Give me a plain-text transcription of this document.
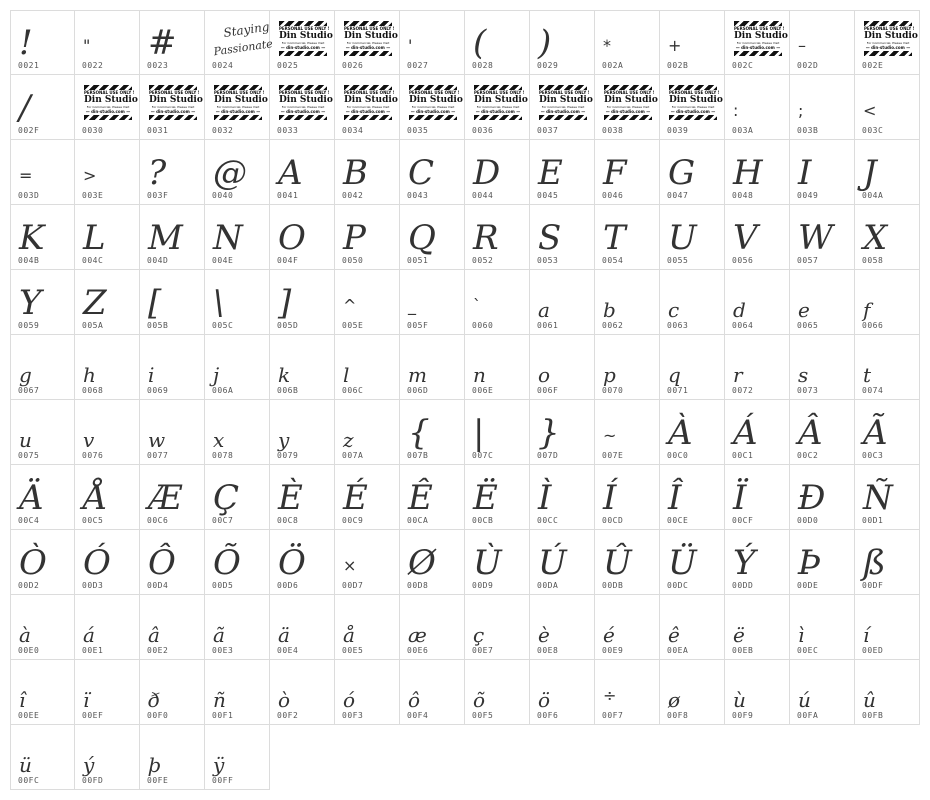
!
0021
"
0022
#
0023
Staying
Passionate
0024
PERSONAL USE ONLY !
Din Studio
For Commercial, Please Visit
— din-studio.com —
0025
PERSONAL USE ONLY !
Din Studio
For Commercial, Please Visit
— din-studio.com —
0026
'
0027
(
0028
)
0029
*
002A
+
002B
PERSONAL USE ONLY !
Din Studio
For Commercial, Please Visit
— din-studio.com —
002C
–
002D
PERSONAL USE ONLY !
Din Studio
For Commercial, Please Visit
— din-studio.com —
002E
/
002F
PERSONAL USE ONLY !
Din Studio
For Commercial, Please Visit
— din-studio.com —
0030
PERSONAL USE ONLY !
Din Studio
For Commercial, Please Visit
— din-studio.com —
0031
PERSONAL USE ONLY !
Din Studio
For Commercial, Please Visit
— din-studio.com —
0032
PERSONAL USE ONLY !
Din Studio
For Commercial, Please Visit
— din-studio.com —
0033
PERSONAL USE ONLY !
Din Studio
For Commercial, Please Visit
— din-studio.com —
0034
PERSONAL USE ONLY !
Din Studio
For Commercial, Please Visit
— din-studio.com —
0035
PERSONAL USE ONLY !
Din Studio
For Commercial, Please Visit
— din-studio.com —
0036
PERSONAL USE ONLY !
Din Studio
For Commercial, Please Visit
— din-studio.com —
0037
PERSONAL USE ONLY !
Din Studio
For Commercial, Please Visit
— din-studio.com —
0038
PERSONAL USE ONLY !
Din Studio
For Commercial, Please Visit
— din-studio.com —
0039
:
003A
;
003B
<
003C
=
003D
>
003E
?
003F
@
0040
A
0041
B
0042
C
0043
D
0044
E
0045
F
0046
G
0047
H
0048
I
0049
J
004A
K
004B
L
004C
M
004D
N
004E
O
004F
P
0050
Q
0051
R
0052
S
0053
T
0054
U
0055
V
0056
W
0057
X
0058
Y
0059
Z
005A
[
005B
\
005C
]
005D
^
005E
_
005F
`
0060
a
0061
b
0062
c
0063
d
0064
e
0065
f
0066
g
0067
h
0068
i
0069
j
006A
k
006B
l
006C
m
006D
n
006E
o
006F
p
0070
q
0071
r
0072
s
0073
t
0074
u
0075
v
0076
w
0077
x
0078
y
0079
z
007A
{
007B
|
007C
}
007D
~
007E
À
00C0
Á
00C1
Â
00C2
Ã
00C3
Ä
00C4
Å
00C5
Æ
00C6
Ç
00C7
È
00C8
É
00C9
Ê
00CA
Ë
00CB
Ì
00CC
Í
00CD
Î
00CE
Ï
00CF
Ð
00D0
Ñ
00D1
Ò
00D2
Ó
00D3
Ô
00D4
Õ
00D5
Ö
00D6
×
00D7
Ø
00D8
Ù
00D9
Ú
00DA
Û
00DB
Ü
00DC
Ý
00DD
Þ
00DE
ß
00DF
à
00E0
á
00E1
â
00E2
ã
00E3
ä
00E4
å
00E5
æ
00E6
ç
00E7
è
00E8
é
00E9
ê
00EA
ë
00EB
ì
00EC
í
00ED
î
00EE
ï
00EF
ð
00F0
ñ
00F1
ò
00F2
ó
00F3
ô
00F4
õ
00F5
ö
00F6
÷
00F7
ø
00F8
ù
00F9
ú
00FA
û
00FB
ü
00FC
ý
00FD
þ
00FE
ÿ
00FF
